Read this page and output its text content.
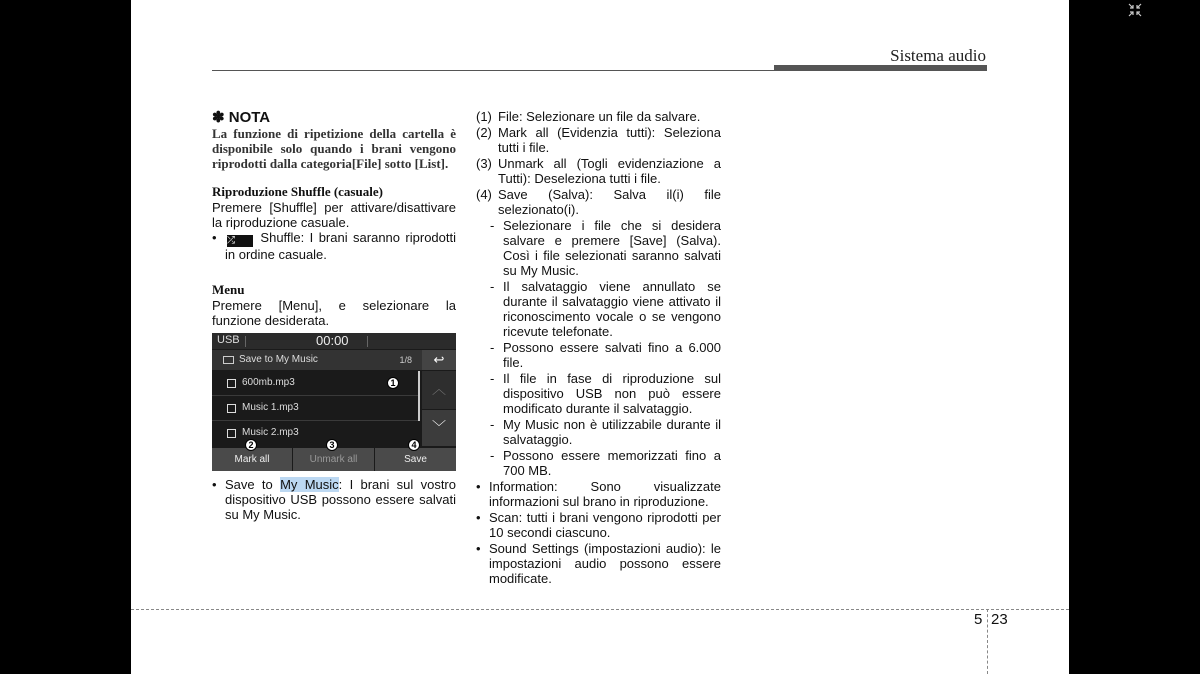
Sistema audio
✽ NOTA
La funzione di ripetizione della cartella è disponibile solo quando i brani vengono riprodotti dalla categoria[File] sotto [List].
Riproduzione Shuffle (casuale)
Premere [Shuffle] per attivare/disattivare la riproduzione casuale.
• ⤮ Shuffle: I brani saranno riprodotti in ordine casuale.
Menu
Premere [Menu], e selezionare la funzione desiderata.
USB	00:00
Save to My Music	1/8	↩
600mb.mp3
Music 1.mp3
Music 2.mp3
︿
﹀
Mark all	Unmark all	Save
1
2	3	4
• Save to My Music: I brani sul vostro dispositivo USB possono essere salvati su My Music.
(1) File: Selezionare un file da salvare.
(2) Mark all (Evidenzia tutti): Seleziona tutti i file.
(3) Unmark all (Togli evidenziazione a Tutti): Deseleziona tutti i file.
(4) Save (Salva): Salva il(i) file selezionato(i).
- Selezionare i file che si desidera salvare e premere [Save] (Salva). Così i file selezionati saranno salvati su My Music.
- Il salvataggio viene annullato se durante il salvataggio viene attivato il riconoscimento vocale o se vengono ricevute telefonate.
- Possono essere salvati fino a 6.000 file.
- Il file in fase di riproduzione sul dispositivo USB non può essere modificato durante il salvataggio.
- My Music non è utilizzabile durante il salvataggio.
- Possono essere memorizzati fino a 700 MB.
• Information: Sono visualizzate informazioni sul brano in riproduzione.
• Scan: tutti i brani vengono riprodotti per 10 secondi ciascuno.
• Sound Settings (impostazioni audio): le impostazioni audio possono essere modificate.
5 23
